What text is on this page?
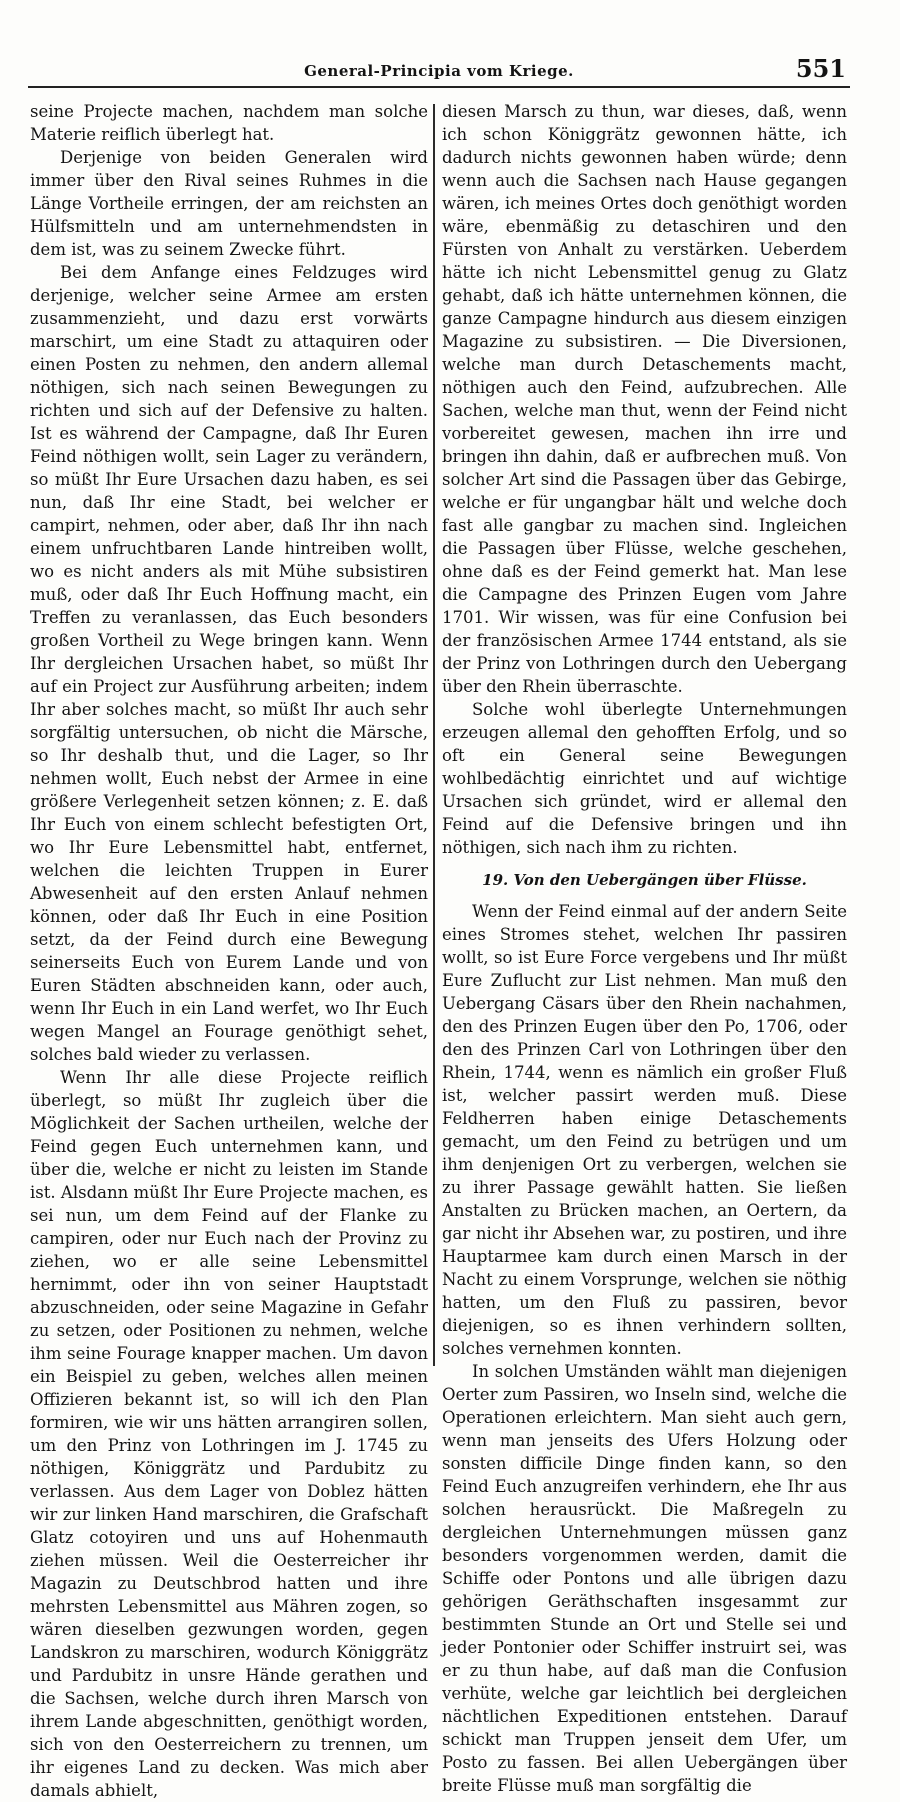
General-Principia vom Kriege.	551

seine Projecte machen, nachdem man solche Materie reiflich überlegt hat.

Derjenige von beiden Generalen wird immer über den Rival seines Ruhmes in die Länge Vortheile erringen, der am reichsten an Hülfsmitteln und am unternehmendsten in dem ist, was zu seinem Zwecke führt.

Bei dem Anfange eines Feldzuges wird derjenige, welcher seine Armee am ersten zusammenzieht, und dazu erst vorwärts marschirt, um eine Stadt zu attaquiren oder einen Posten zu nehmen, den andern allemal nöthigen, sich nach seinen Bewegungen zu richten und sich auf der Defensive zu halten. Ist es während der Campagne, daß Ihr Euren Feind nöthigen wollt, sein Lager zu verändern, so müßt Ihr Eure Ursachen dazu haben, es sei nun, daß Ihr eine Stadt, bei welcher er campirt, nehmen, oder aber, daß Ihr ihn nach einem unfruchtbaren Lande hintreiben wollt, wo es nicht anders als mit Mühe subsistiren muß, oder daß Ihr Euch Hoffnung macht, ein Treffen zu veranlassen, das Euch besonders großen Vortheil zu Wege bringen kann. Wenn Ihr dergleichen Ursachen habet, so müßt Ihr auf ein Project zur Ausführung arbeiten; indem Ihr aber solches macht, so müßt Ihr auch sehr sorgfältig untersuchen, ob nicht die Märsche, so Ihr deshalb thut, und die Lager, so Ihr nehmen wollt, Euch nebst der Armee in eine größere Verlegenheit setzen können; z. E. daß Ihr Euch von einem schlecht befestigten Ort, wo Ihr Eure Lebensmittel habt, entfernet, welchen die leichten Truppen in Eurer Abwesenheit auf den ersten Anlauf nehmen können, oder daß Ihr Euch in eine Position setzt, da der Feind durch eine Bewegung seinerseits Euch von Eurem Lande und von Euren Städten abschneiden kann, oder auch, wenn Ihr Euch in ein Land werfet, wo Ihr Euch wegen Mangel an Fourage genöthigt sehet, solches bald wieder zu verlassen.

Wenn Ihr alle diese Projecte reiflich überlegt, so müßt Ihr zugleich über die Möglichkeit der Sachen urtheilen, welche der Feind gegen Euch unternehmen kann, und über die, welche er nicht zu leisten im Stande ist. Alsdann müßt Ihr Eure Projecte machen, es sei nun, um dem Feind auf der Flanke zu campiren, oder nur Euch nach der Provinz zu ziehen, wo er alle seine Lebensmittel hernimmt, oder ihn von seiner Hauptstadt abzuschneiden, oder seine Magazine in Gefahr zu setzen, oder Positionen zu nehmen, welche ihm seine Fourage knapper machen. Um davon ein Beispiel zu geben, welches allen meinen Offizieren bekannt ist, so will ich den Plan formiren, wie wir uns hätten arrangiren sollen, um den Prinz von Lothringen im J. 1745 zu nöthigen, Königgrätz und Pardubitz zu verlassen. Aus dem Lager von Doblez hätten wir zur linken Hand marschiren, die Grafschaft Glatz cotoyiren und uns auf Hohenmauth ziehen müssen. Weil die Oesterreicher ihr Magazin zu Deutschbrod hatten und ihre mehrsten Lebensmittel aus Mähren zogen, so wären dieselben gezwungen worden, gegen Landskron zu marschiren, wodurch Königgrätz und Pardubitz in unsre Hände gerathen und die Sachsen, welche durch ihren Marsch von ihrem Lande abgeschnitten, genöthigt worden, sich von den Oesterreichern zu trennen, um ihr eigenes Land zu decken. Was mich aber damals abhielt,

diesen Marsch zu thun, war dieses, daß, wenn ich schon Königgrätz gewonnen hätte, ich dadurch nichts gewonnen haben würde; denn wenn auch die Sachsen nach Hause gegangen wären, ich meines Ortes doch genöthigt worden wäre, ebenmäßig zu detaschiren und den Fürsten von Anhalt zu verstärken. Ueberdem hätte ich nicht Lebensmittel genug zu Glatz gehabt, daß ich hätte unternehmen können, die ganze Campagne hindurch aus diesem einzigen Magazine zu subsistiren. — Die Diversionen, welche man durch Detaschements macht, nöthigen auch den Feind, aufzubrechen. Alle Sachen, welche man thut, wenn der Feind nicht vorbereitet gewesen, machen ihn irre und bringen ihn dahin, daß er aufbrechen muß. Von solcher Art sind die Passagen über das Gebirge, welche er für ungangbar hält und welche doch fast alle gangbar zu machen sind. Ingleichen die Passagen über Flüsse, welche geschehen, ohne daß es der Feind gemerkt hat. Man lese die Campagne des Prinzen Eugen vom Jahre 1701. Wir wissen, was für eine Confusion bei der französischen Armee 1744 entstand, als sie der Prinz von Lothringen durch den Uebergang über den Rhein überraschte.

Solche wohl überlegte Unternehmungen erzeugen allemal den gehofften Erfolg, und so oft ein General seine Bewegungen wohlbedächtig einrichtet und auf wichtige Ursachen sich gründet, wird er allemal den Feind auf die Defensive bringen und ihn nöthigen, sich nach ihm zu richten.

19. Von den Uebergängen über Flüsse.

Wenn der Feind einmal auf der andern Seite eines Stromes stehet, welchen Ihr passiren wollt, so ist Eure Force vergebens und Ihr müßt Eure Zuflucht zur List nehmen. Man muß den Uebergang Cäsars über den Rhein nachahmen, den des Prinzen Eugen über den Po, 1706, oder den des Prinzen Carl von Lothringen über den Rhein, 1744, wenn es nämlich ein großer Fluß ist, welcher passirt werden muß. Diese Feldherren haben einige Detaschements gemacht, um den Feind zu betrügen und um ihm denjenigen Ort zu verbergen, welchen sie zu ihrer Passage gewählt hatten. Sie ließen Anstalten zu Brücken machen, an Oertern, da gar nicht ihr Absehen war, zu postiren, und ihre Hauptarmee kam durch einen Marsch in der Nacht zu einem Vorsprunge, welchen sie nöthig hatten, um den Fluß zu passiren, bevor diejenigen, so es ihnen verhindern sollten, solches vernehmen konnten.

In solchen Umständen wählt man diejenigen Oerter zum Passiren, wo Inseln sind, welche die Operationen erleichtern. Man sieht auch gern, wenn man jenseits des Ufers Holzung oder sonsten difficile Dinge finden kann, so den Feind Euch anzugreifen verhindern, ehe Ihr aus solchen herausrückt. Die Maßregeln zu dergleichen Unternehmungen müssen ganz besonders vorgenommen werden, damit die Schiffe oder Pontons und alle übrigen dazu gehörigen Geräthschaften insgesammt zur bestimmten Stunde an Ort und Stelle sei und jeder Pontonier oder Schiffer instruirt sei, was er zu thun habe, auf daß man die Confusion verhüte, welche gar leichtlich bei dergleichen nächtlichen Expeditionen entstehen. Darauf schickt man Truppen jenseit dem Ufer, um Posto zu fassen. Bei allen Uebergängen über breite Flüsse muß man sorgfältig die
